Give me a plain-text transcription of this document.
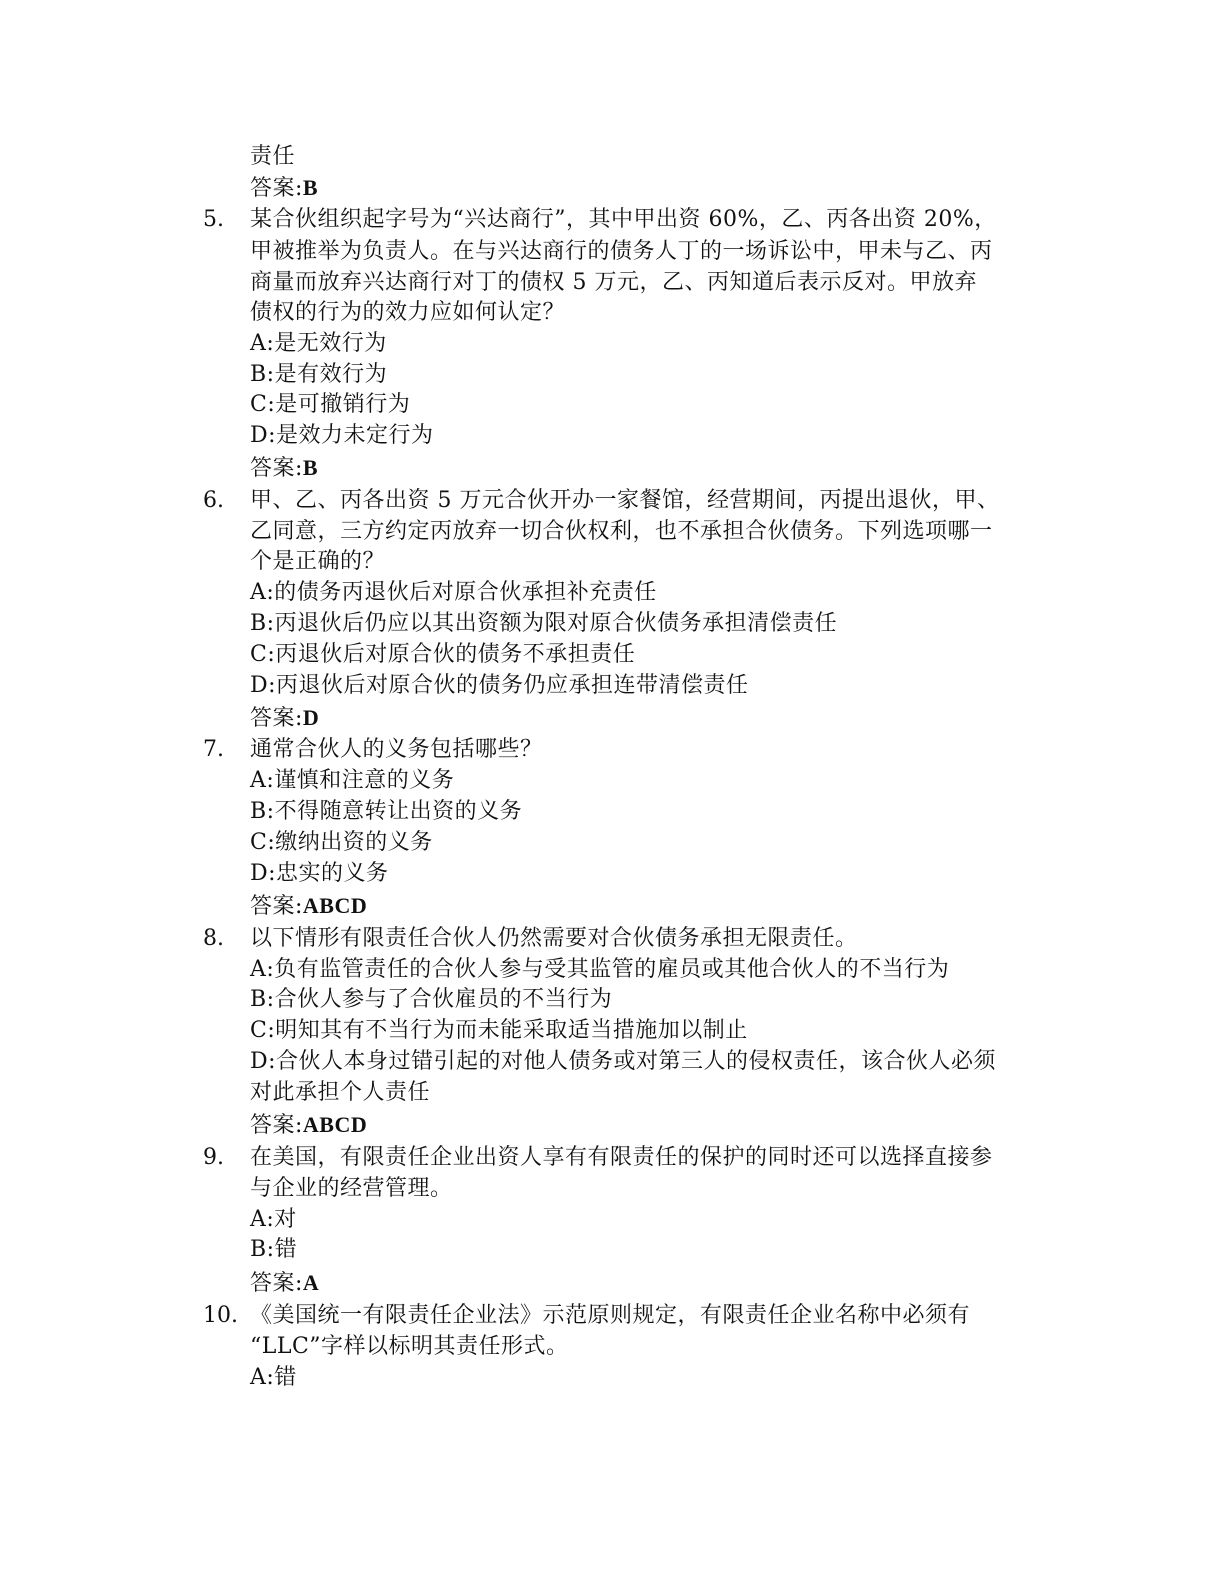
责任
答案:B
5. 某合伙组织起字号为“兴达商行”，其中甲出资 60%，乙、丙各出资 20%，
甲被推举为负责人。在与兴达商行的债务人丁的一场诉讼中，甲未与乙、丙
商量而放弃兴达商行对丁的债权 5 万元，乙、丙知道后表示反对。甲放弃
债权的行为的效力应如何认定？
A:是无效行为
B:是有效行为
C:是可撤销行为
D:是效力未定行为
答案:B
6. 甲、乙、丙各出资 5 万元合伙开办一家餐馆，经营期间，丙提出退伙，甲、
乙同意，三方约定丙放弃一切合伙权利，也不承担合伙债务。下列选项哪一
个是正确的？
A:的债务丙退伙后对原合伙承担补充责任
B:丙退伙后仍应以其出资额为限对原合伙债务承担清偿责任
C:丙退伙后对原合伙的债务不承担责任
D:丙退伙后对原合伙的债务仍应承担连带清偿责任
答案:D
7. 通常合伙人的义务包括哪些？
A:谨慎和注意的义务
B:不得随意转让出资的义务
C:缴纳出资的义务
D:忠实的义务
答案:ABCD
8. 以下情形有限责任合伙人仍然需要对合伙债务承担无限责任。
A:负有监管责任的合伙人参与受其监管的雇员或其他合伙人的不当行为
B:合伙人参与了合伙雇员的不当行为
C:明知其有不当行为而未能采取适当措施加以制止
D:合伙人本身过错引起的对他人债务或对第三人的侵权责任，该合伙人必须
对此承担个人责任
答案:ABCD
9. 在美国，有限责任企业出资人享有有限责任的保护的同时还可以选择直接参
与企业的经营管理。
A:对
B:错
答案:A
10. 《美国统一有限责任企业法》示范原则规定，有限责任企业名称中必须有
“LLC”字样以标明其责任形式。
A:错
